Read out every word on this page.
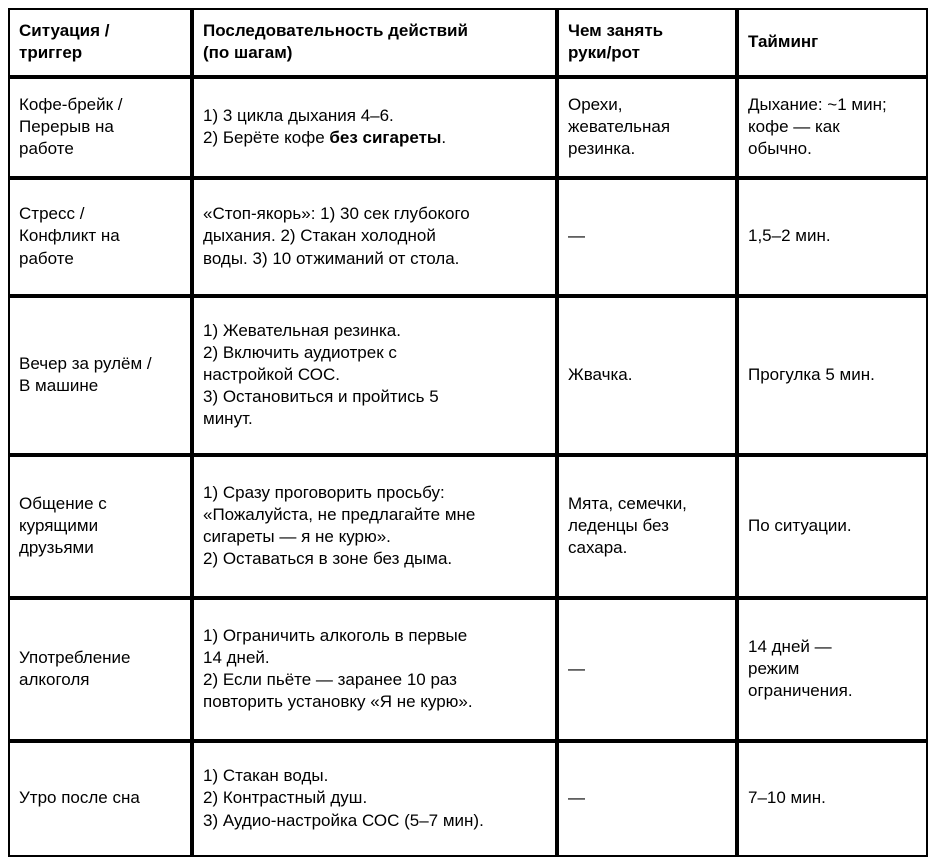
Ситуация /
триггер	Последовательность действий
(по шагам)	Чем занять
руки/рот	Тайминг

Кофе-брейк /
Перерыв на
работе	1) 3 цикла дыхания 4–6.
2) Берёте кофе без сигареты.	Орехи,
жевательная
резинка.	Дыхание: ~1 мин;
кофе — как
обычно.

Стресс /
Конфликт на
работе	«Стоп-якорь»: 1) 30 сек глубокого
дыхания. 2) Стакан холодной
воды. 3) 10 отжиманий от стола.	—	1,5–2 мин.

Вечер за рулём /
В машине	1) Жевательная резинка.
2) Включить аудиотрек с
настройкой СОС.
3) Остановиться и пройтись 5
минут.	Жвачка.	Прогулка 5 мин.

Общение с
курящими
друзьями	1) Сразу проговорить просьбу:
«Пожалуйста, не предлагайте мне
сигареты — я не курю».
2) Оставаться в зоне без дыма.	Мята, семечки,
леденцы без
сахара.	По ситуации.

Употребление
алкоголя	1) Ограничить алкоголь в первые
14 дней.
2) Если пьёте — заранее 10 раз
повторить установку «Я не курю».	—	14 дней —
режим
ограничения.

Утро после сна	1) Стакан воды.
2) Контрастный душ.
3) Аудио-настройка СОС (5–7 мин).	—	7–10 мин.
